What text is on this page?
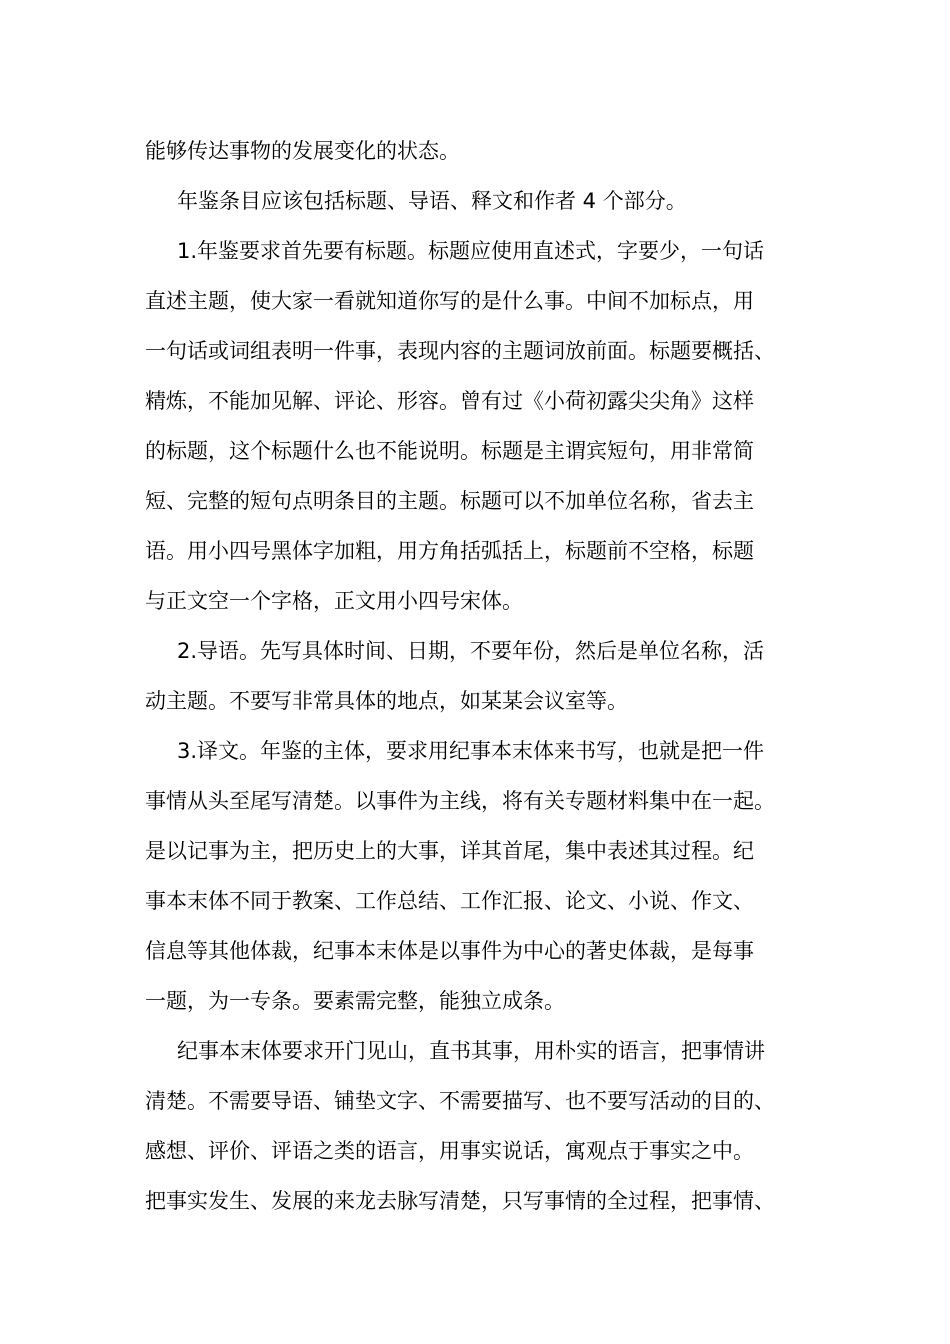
能够传达事物的发展变化的状态。
年鉴条目应该包括标题、导语、释文和作者 4 个部分。
1.年鉴要求首先要有标题。标题应使用直述式，字要少，一句话
直述主题，使大家一看就知道你写的是什么事。中间不加标点，用
一句话或词组表明一件事，表现内容的主题词放前面。标题要概括、
精炼，不能加见解、评论、形容。曾有过《小荷初露尖尖角》这样
的标题，这个标题什么也不能说明。标题是主谓宾短句，用非常简
短、完整的短句点明条目的主题。标题可以不加单位名称，省去主
语。用小四号黑体字加粗，用方角括弧括上，标题前不空格，标题
与正文空一个字格，正文用小四号宋体。
2.导语。先写具体时间、日期，不要年份，然后是单位名称，活
动主题。不要写非常具体的地点，如某某会议室等。
3.译文。年鉴的主体，要求用纪事本末体来书写，也就是把一件
事情从头至尾写清楚。以事件为主线，将有关专题材料集中在一起。
是以记事为主，把历史上的大事，详其首尾，集中表述其过程。纪
事本末体不同于教案、工作总结、工作汇报、论文、小说、作文、
信息等其他体裁，纪事本末体是以事件为中心的著史体裁，是每事
一题，为一专条。要素需完整，能独立成条。
纪事本末体要求开门见山，直书其事，用朴实的语言，把事情讲
清楚。不需要导语、铺垫文字、不需要描写、也不要写活动的目的、
感想、评价、评语之类的语言，用事实说话，寓观点于事实之中。
把事实发生、发展的来龙去脉写清楚，只写事情的全过程，把事情、
